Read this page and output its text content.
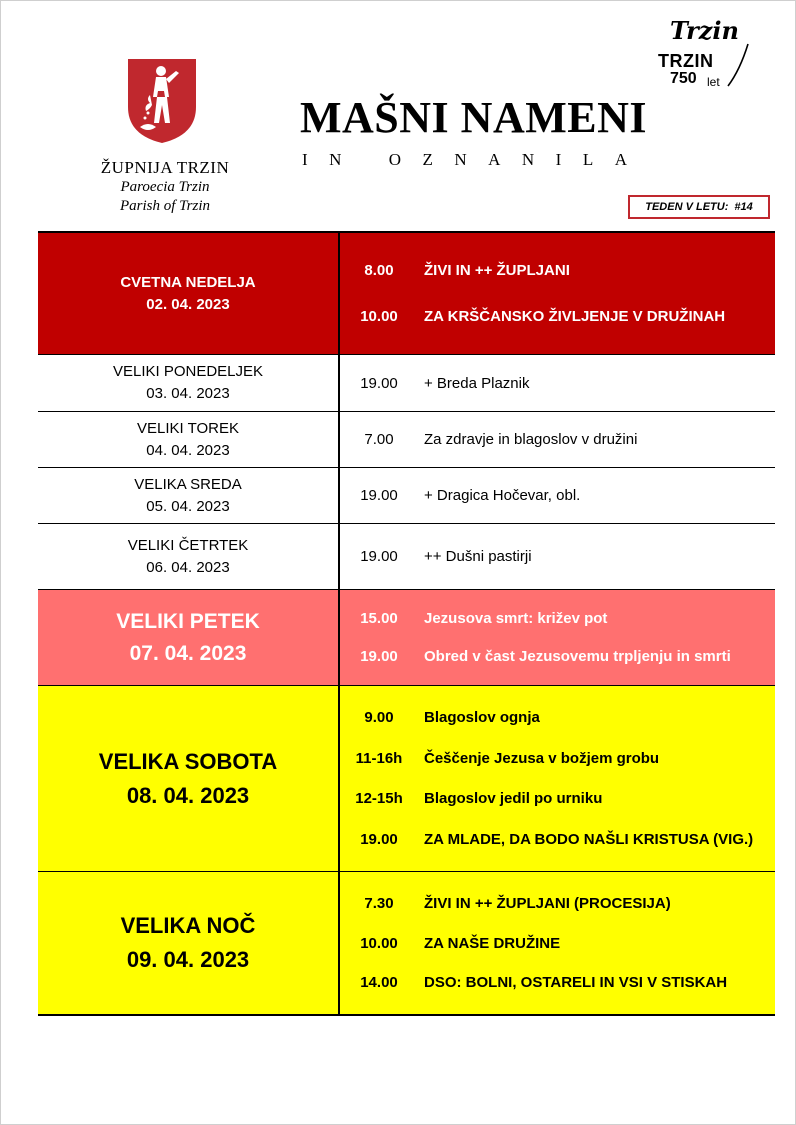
ŽUPNIJA TRZIN
Paroecia Trzin
Parish of Trzin
MAŠNI NAMENI
IN OZNANILA
Trzin
TRZIN
750 let
TEDEN V LETU: #14
CVETNA NEDELJA
02. 04. 2023
8.00	ŽIVI IN ++ ŽUPLJANI
10.00	ZA KRŠČANSKO ŽIVLJENJE V DRUŽINAH
VELIKI PONEDELJEK
03. 04. 2023
19.00	+ Breda Plaznik
VELIKI TOREK
04. 04. 2023
7.00	Za zdravje in blagoslov v družini
VELIKA SREDA
05. 04. 2023
19.00	+ Dragica Hočevar, obl.
VELIKI ČETRTEK
06. 04. 2023
19.00	++ Dušni pastirji
VELIKI PETEK
07. 04. 2023
15.00	Jezusova smrt: križev pot
19.00	Obred v čast Jezusovemu trpljenju in smrti
VELIKA SOBOTA
08. 04. 2023
9.00	Blagoslov ognja
11-16h	Češčenje Jezusa v božjem grobu
12-15h	Blagoslov jedil po urniku
19.00	ZA MLADE, DA BODO NAŠLI KRISTUSA (VIG.)
VELIKA NOČ
09. 04. 2023
7.30	ŽIVI IN ++ ŽUPLJANI (PROCESIJA)
10.00	ZA NAŠE DRUŽINE
14.00	DSO: BOLNI, OSTARELI IN VSI V STISKAH
